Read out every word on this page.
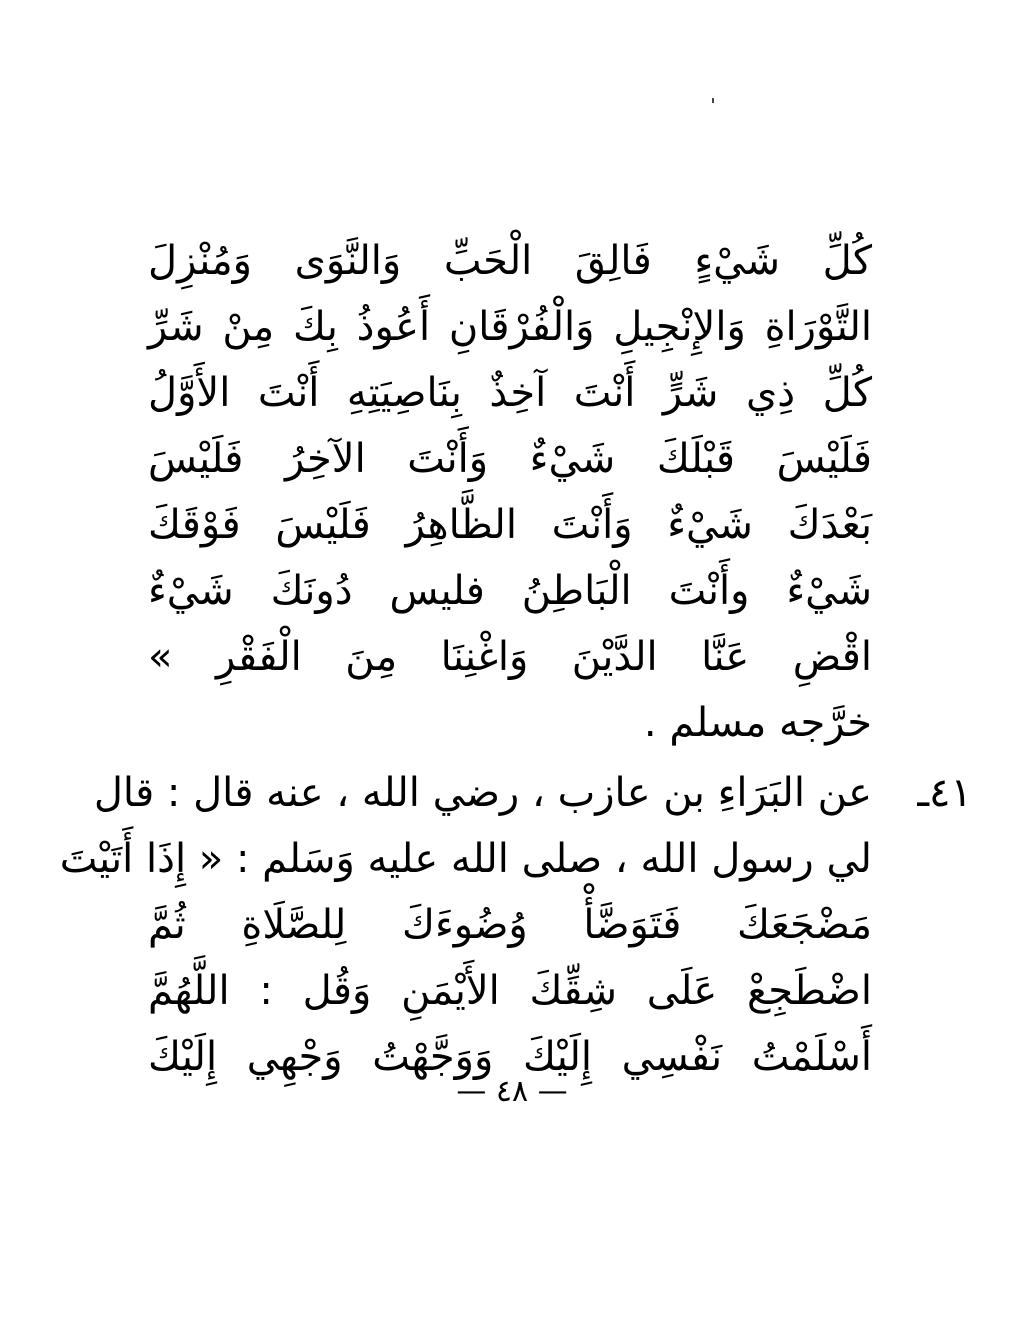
كُلِّ شَيْءٍ فَالِقَ الْحَبِّ وَالنَّوَى وَمُنْزِلَ
التَّوْرَاةِ وَالإِنْجِيلِ وَالْفُرْقَانِ أَعُوذُ بِكَ مِنْ شَرِّ
كُلِّ ذِي شَرٍّ أَنْتَ آخِذٌ بِنَاصِيَتِهِ أَنْتَ الأَوَّلُ
فَلَيْسَ قَبْلَكَ شَيْءٌ وَأَنْتَ الآخِرُ فَلَيْسَ
بَعْدَكَ شَيْءٌ وَأَنْتَ الظَّاهِرُ فَلَيْسَ فَوْقَكَ
شَيْءٌ وأَنْتَ الْبَاطِنُ فليس دُونَكَ شَيْءٌ
اقْضِ عَنَّا الدَّيْنَ وَاغْنِنَا مِنَ الْفَقْرِ »
خرَّجه مسلم .
٤١ـ
عن البَرَاءِ بن عازب ، رضي الله ، عنه قال : قال
لي رسول الله ، صلى الله عليه وَسَلم : « إِذَا أَتَيْتَ
مَضْجَعَكَ فَتَوَضَّأْ وُضُوءَكَ لِلصَّلَاةِ ثُمَّ
اضْطَجِعْ عَلَى شِقِّكَ الأَيْمَنِ وَقُل : اللَّهُمَّ
أَسْلَمْتُ نَفْسِي إِلَيْكَ وَوَجَّهْتُ وَجْهِي إِلَيْكَ
— ٤٨ —
